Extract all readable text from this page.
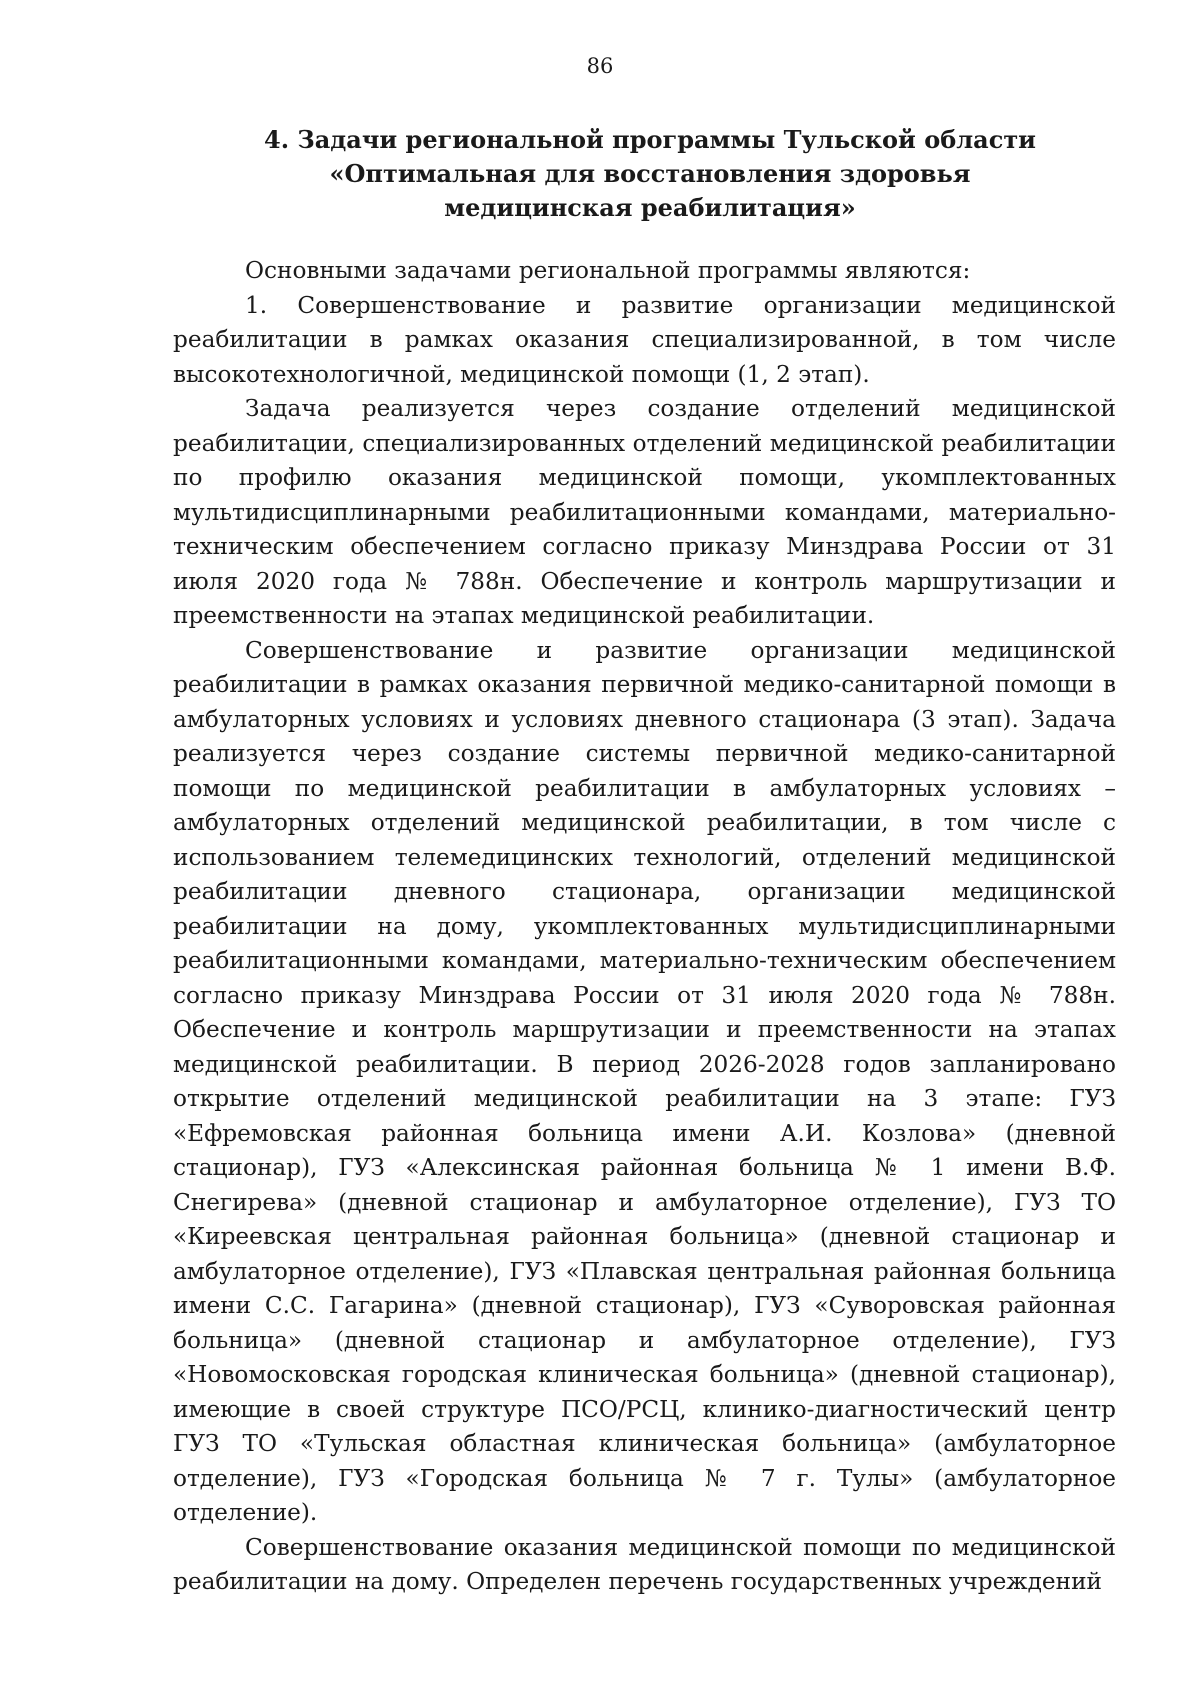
86
4. Задачи региональной программы Тульской области
«Оптимальная для восстановления здоровья
медицинская реабилитация»

Основными задачами региональной программы являются:

1. Совершенствование и развитие организации медицинской реабилитации в рамках оказания специализированной, в том числе высокотехнологичной, медицинской помощи (1, 2 этап).

Задача реализуется через создание отделений медицинской реабилитации, специализированных отделений медицинской реабилитации по профилю оказания медицинской помощи, укомплектованных мультидисциплинарными реабилитационными командами, материально-техническим обеспечением согласно приказу Минздрава России от 31 июля 2020 года № 788н. Обеспечение и контроль маршрутизации и преемственности на этапах медицинской реабилитации.

Совершенствование и развитие организации медицинской реабилитации в рамках оказания первичной медико-санитарной помощи в амбулаторных условиях и условиях дневного стационара (3 этап). Задача реализуется через создание системы первичной медико-санитарной помощи по медицинской реабилитации в амбулаторных условиях – амбулаторных отделений медицинской реабилитации, в том числе с использованием телемедицинских технологий, отделений медицинской реабилитации дневного стационара, организации медицинской реабилитации на дому, укомплектованных мультидисциплинарными реабилитационными командами, материально-техническим обеспечением согласно приказу Минздрава России от 31 июля 2020 года № 788н. Обеспечение и контроль маршрутизации и преемственности на этапах медицинской реабилитации. В период 2026-2028 годов запланировано открытие отделений медицинской реабилитации на 3 этапе: ГУЗ «Ефремовская районная больница имени А.И. Козлова» (дневной стационар), ГУЗ «Алексинская районная больница № 1 имени В.Ф. Снегирева» (дневной стационар и амбулаторное отделение), ГУЗ ТО «Киреевская центральная районная больница» (дневной стационар и амбулаторное отделение), ГУЗ «Плавская центральная районная больница имени С.С. Гагарина» (дневной стационар), ГУЗ «Суворовская районная больница» (дневной стационар и амбулаторное отделение), ГУЗ «Новомосковская городская клиническая больница» (дневной стационар), имеющие в своей структуре ПСО/РСЦ, клинико-диагностический центр ГУЗ ТО «Тульская областная клиническая больница» (амбулаторное отделение), ГУЗ «Городская больница № 7 г. Тулы» (амбулаторное отделение).

Совершенствование оказания медицинской помощи по медицинской реабилитации на дому. Определен перечень государственных учреждений
